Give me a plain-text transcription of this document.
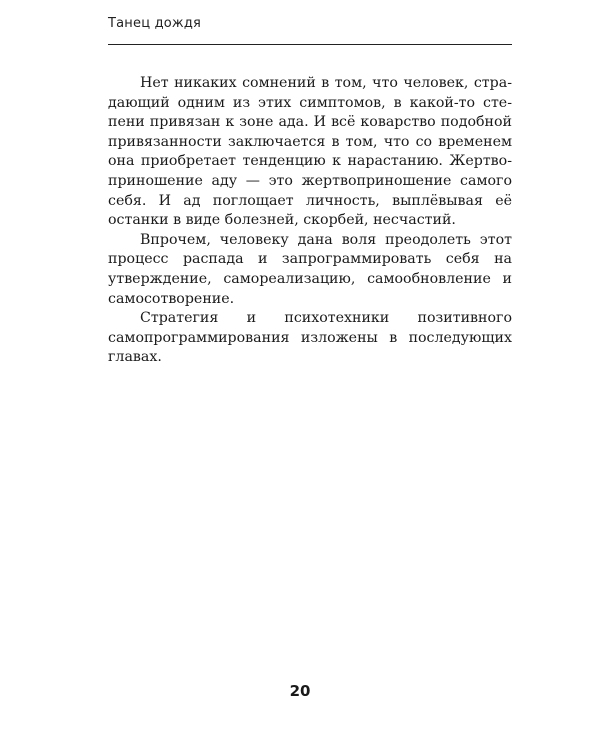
Танец дождя

Нет никаких сомнений в том, что человек, страдающий одним из этих симптомов, в какой-то степени привязан к зоне ада. И всё коварство подобной привязанности заключается в том, что со временем она приобретает тенденцию к нарастанию. Жертвоприношение аду — это жертвоприношение самого себя. И ад поглощает личность, выплёвывая её останки в виде болезней, скорбей, несчастий.

Впрочем, человеку дана воля преодолеть этот процесс распада и запрограммировать себя на утверждение, самореализацию, самообновление и самосотворение.

Стратегия и психотехники позитивного самопрограммирования изложены в последующих главах.

20
